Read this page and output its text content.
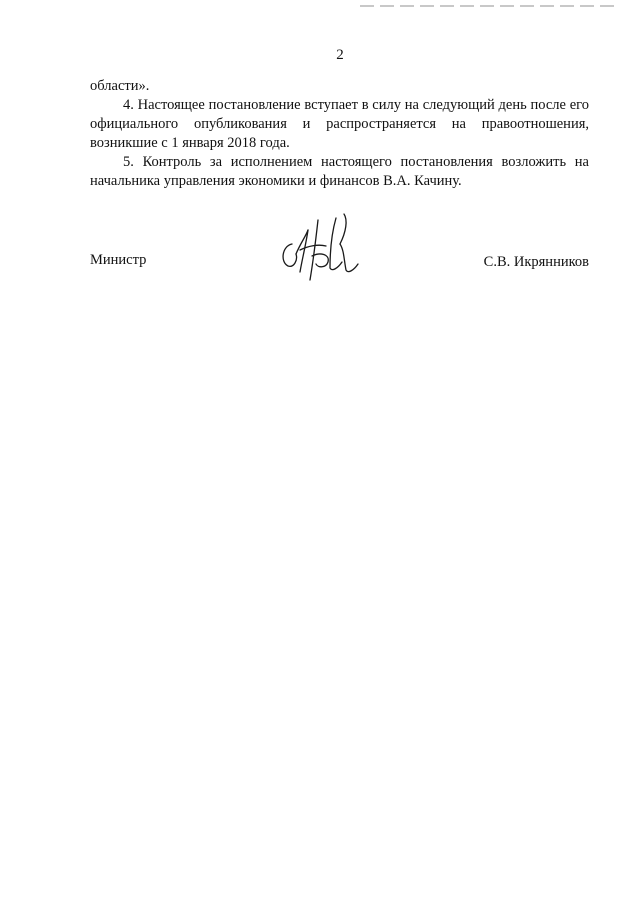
2

области».

4. Настоящее постановление вступает в силу на следующий день после его официального опубликования и распространяется на правоотношения, возникшие с 1 января 2018 года.

5. Контроль за исполнением настоящего постановления возложить на начальника управления экономики и финансов В.А. Качину.

Министр	С.В. Икрянников
